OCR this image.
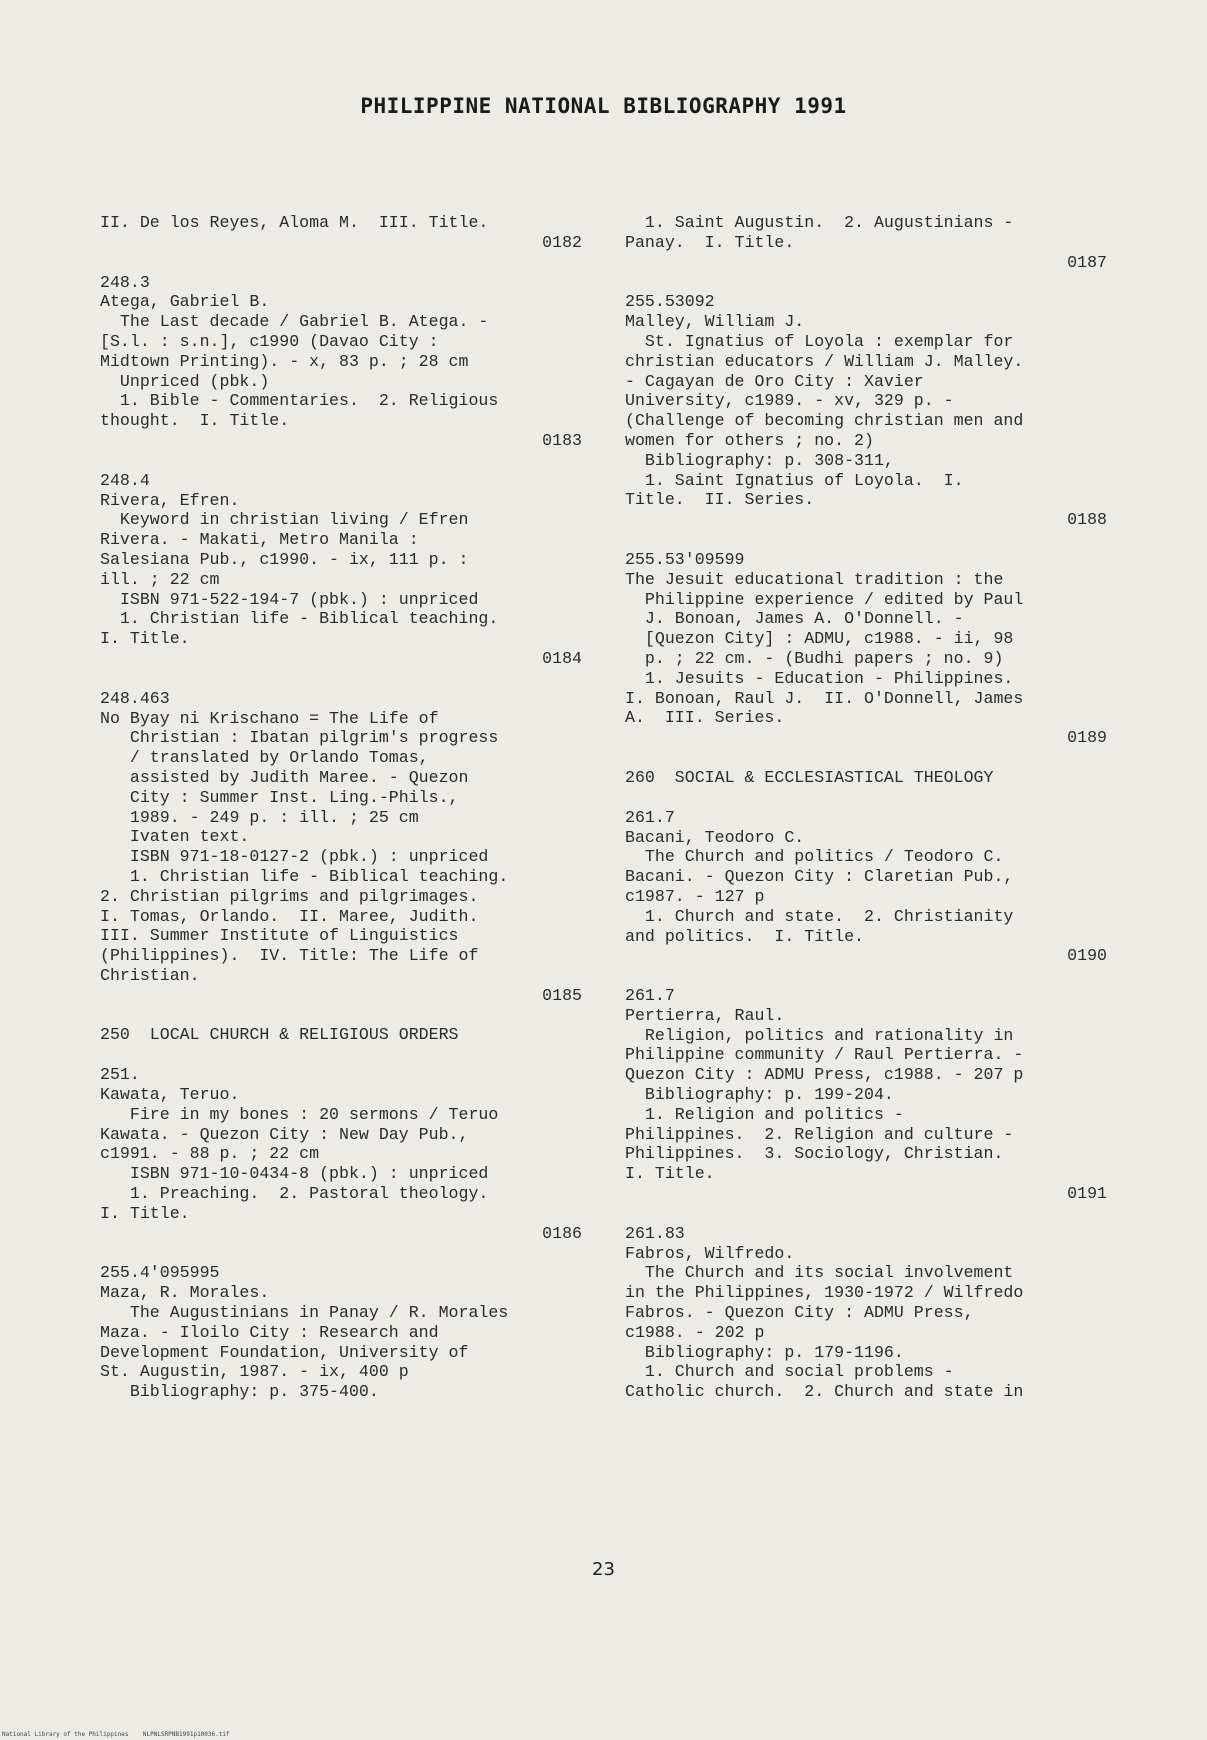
PHILIPPINE NATIONAL BIBLIOGRAPHY 1991
II. De los Reyes, Aloma M.  III. Title.
0182
248.3
Atega, Gabriel B.
The Last decade / Gabriel B. Atega. -
[S.l. : s.n.], c1990 (Davao City :
Midtown Printing). - x, 83 p. ; 28 cm
Unpriced (pbk.)
1. Bible - Commentaries.  2. Religious
thought.  I. Title.
0183
248.4
Rivera, Efren.
Keyword in christian living / Efren
Rivera. - Makati, Metro Manila :
Salesiana Pub., c1990. - ix, 111 p. :
ill. ; 22 cm
ISBN 971-522-194-7 (pbk.) : unpriced
1. Christian life - Biblical teaching.
I. Title.
0184
248.463
No Byay ni Krischano = The Life of
Christian : Ibatan pilgrim's progress
/ translated by Orlando Tomas,
assisted by Judith Maree. - Quezon
City : Summer Inst. Ling.-Phils.,
1989. - 249 p. : ill. ; 25 cm
Ivaten text.
ISBN 971-18-0127-2 (pbk.) : unpriced
1. Christian life - Biblical teaching.
2. Christian pilgrims and pilgrimages.
I. Tomas, Orlando.  II. Maree, Judith.
III. Summer Institute of Linguistics
(Philippines).  IV. Title: The Life of
Christian.
0185
250  LOCAL CHURCH & RELIGIOUS ORDERS
251.
Kawata, Teruo.
Fire in my bones : 20 sermons / Teruo
Kawata. - Quezon City : New Day Pub.,
c1991. - 88 p. ; 22 cm
ISBN 971-10-0434-8 (pbk.) : unpriced
1. Preaching.  2. Pastoral theology.
I. Title.
0186
255.4'095995
Maza, R. Morales.
The Augustinians in Panay / R. Morales
Maza. - Iloilo City : Research and
Development Foundation, University of
St. Augustin, 1987. - ix, 400 p
Bibliography: p. 375-400.
1. Saint Augustin.  2. Augustinians -
Panay.  I. Title.
0187
255.53092
Malley, William J.
St. Ignatius of Loyola : exemplar for
christian educators / William J. Malley.
- Cagayan de Oro City : Xavier
University, c1989. - xv, 329 p. -
(Challenge of becoming christian men and
women for others ; no. 2)
Bibliography: p. 308-311,
1. Saint Ignatius of Loyola.  I.
Title.  II. Series.
0188
255.53'09599
The Jesuit educational tradition : the
Philippine experience / edited by Paul
J. Bonoan, James A. O'Donnell. -
[Quezon City] : ADMU, c1988. - ii, 98
p. ; 22 cm. - (Budhi papers ; no. 9)
1. Jesuits - Education - Philippines.
I. Bonoan, Raul J.  II. O'Donnell, James
A.  III. Series.
0189
260  SOCIAL & ECCLESIASTICAL THEOLOGY
261.7
Bacani, Teodoro C.
The Church and politics / Teodoro C.
Bacani. - Quezon City : Claretian Pub.,
c1987. - 127 p
1. Church and state.  2. Christianity
and politics.  I. Title.
0190
261.7
Pertierra, Raul.
Religion, politics and rationality in
Philippine community / Raul Pertierra. -
Quezon City : ADMU Press, c1988. - 207 p
Bibliography: p. 199-204.
1. Religion and politics -
Philippines.  2. Religion and culture -
Philippines.  3. Sociology, Christian.
I. Title.
0191
261.83
Fabros, Wilfredo.
The Church and its social involvement
in the Philippines, 1930-1972 / Wilfredo
Fabros. - Quezon City : ADMU Press,
c1988. - 202 p
Bibliography: p. 179-1196.
1. Church and social problems -
Catholic church.  2. Church and state in
23
National Library of the Philippines    NLPNLSRPNB1991p10036.tif
